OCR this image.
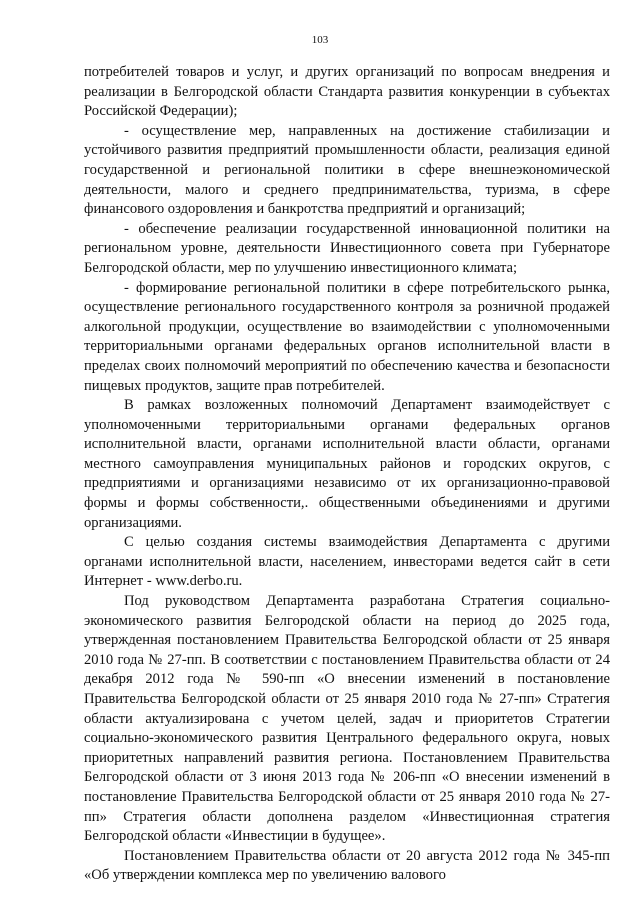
103

потребителей товаров и услуг, и других организаций по вопросам внедрения и реализации в Белгородской области Стандарта развития конкуренции в субъектах Российской Федерации);

- осуществление мер, направленных на достижение стабилизации и устойчивого развития предприятий промышленности области, реализация единой государственной и региональной политики в сфере внешнеэкономической деятельности, малого и среднего предпринимательства, туризма, в сфере финансового оздоровления и банкротства предприятий и организаций;

- обеспечение реализации государственной инновационной политики на региональном уровне, деятельности Инвестиционного совета при Губернаторе Белгородской области, мер по улучшению инвестиционного климата;

- формирование региональной политики в сфере потребительского рынка, осуществление регионального государственного контроля за розничной продажей алкогольной продукции, осуществление во взаимодействии с уполномоченными территориальными органами федеральных органов исполнительной власти в пределах своих полномочий мероприятий по обеспечению качества и безопасности пищевых продуктов, защите прав потребителей.

В рамках возложенных полномочий Департамент взаимодействует с уполномоченными территориальными органами федеральных органов исполнительной власти, органами исполнительной власти области, органами местного самоуправления муниципальных районов и городских округов, с предприятиями и организациями независимо от их организационно-правовой формы и формы собственности,. общественными объединениями и другими организациями.

С целью создания системы взаимодействия Департамента с другими органами исполнительной власти, населением, инвесторами ведется сайт в сети Интернет - www.derbo.ru.

Под руководством Департамента разработана Стратегия социально-экономического развития Белгородской области на период до 2025 года, утвержденная постановлением Правительства Белгородской области от 25 января 2010 года № 27-пп. В соответствии с постановлением Правительства области от 24 декабря 2012 года № 590-пп «О внесении изменений в постановление Правительства Белгородской области от 25 января 2010 года № 27-пп» Стратегия области актуализирована с учетом целей, задач и приоритетов Стратегии социально-экономического развития Центрального федерального округа, новых приоритетных направлений развития региона. Постановлением Правительства Белгородской области от 3 июня 2013 года № 206-пп «О внесении изменений в постановление Правительства Белгородской области от 25 января 2010 года № 27-пп» Стратегия области дополнена разделом «Инвестиционная стратегия Белгородской области «Инвестиции в будущее».

Постановлением Правительства области от 20 августа 2012 года № 345-пп «Об утверждении комплекса мер по увеличению валового
